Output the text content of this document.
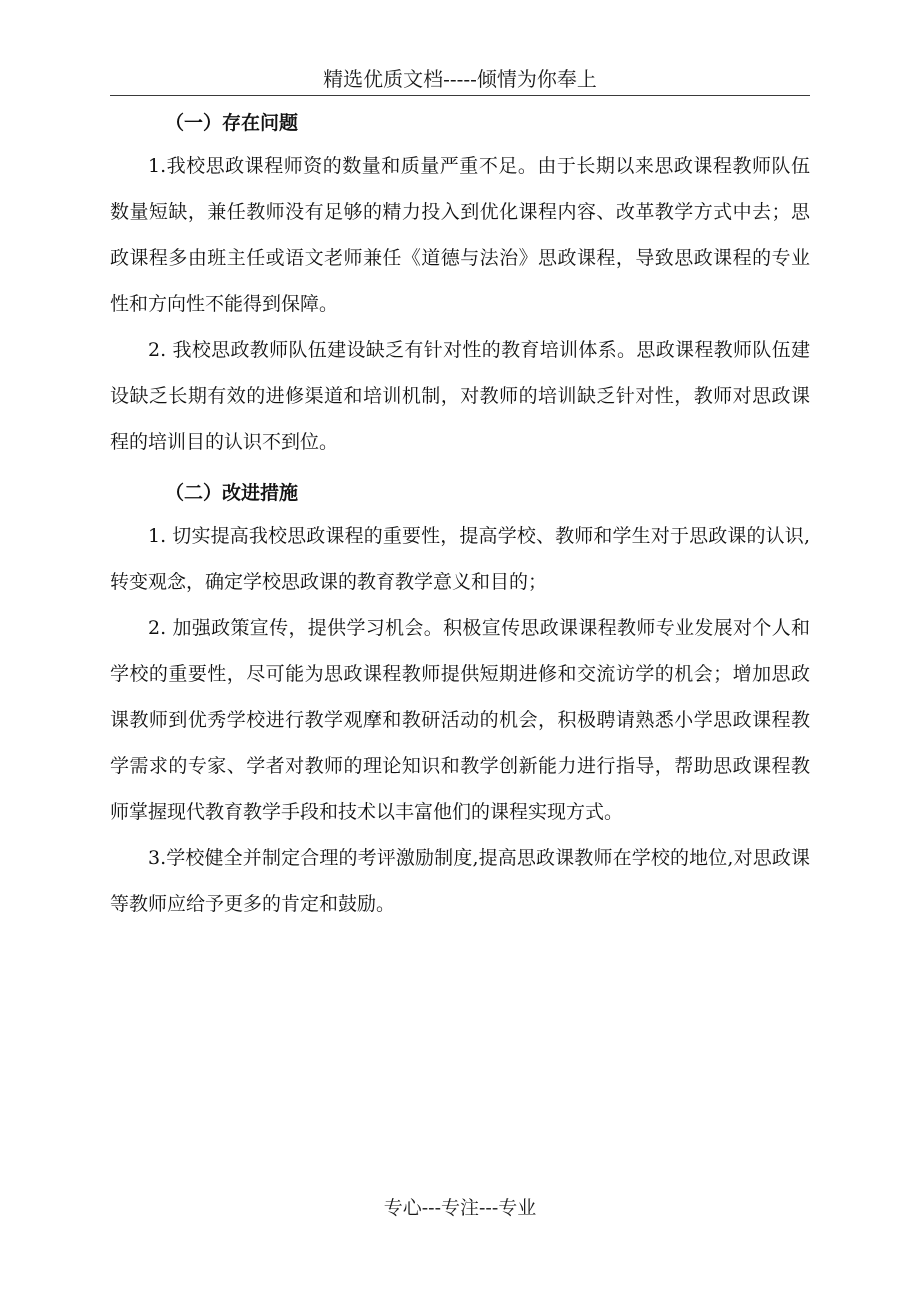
精选优质文档-----倾情为你奉上
（一）存在问题

1.我校思政课程师资的数量和质量严重不足。由于长期以来思政课程教师队伍数量短缺，兼任教师没有足够的精力投入到优化课程内容、改革教学方式中去；思政课程多由班主任或语文老师兼任《道德与法治》思政课程，导致思政课程的专业性和方向性不能得到保障。

2. 我校思政教师队伍建设缺乏有针对性的教育培训体系。思政课程教师队伍建设缺乏长期有效的进修渠道和培训机制，对教师的培训缺乏针对性，教师对思政课程的培训目的认识不到位。

（二）改进措施

1. 切实提高我校思政课程的重要性，提高学校、教师和学生对于思政课的认识,转变观念，确定学校思政课的教育教学意义和目的；

2. 加强政策宣传，提供学习机会。积极宣传思政课课程教师专业发展对个人和学校的重要性，尽可能为思政课程教师提供短期进修和交流访学的机会；增加思政课教师到优秀学校进行教学观摩和教研活动的机会，积极聘请熟悉小学思政课程教学需求的专家、学者对教师的理论知识和教学创新能力进行指导，帮助思政课程教师掌握现代教育教学手段和技术以丰富他们的课程实现方式。

3.学校健全并制定合理的考评激励制度,提高思政课教师在学校的地位,对思政课等教师应给予更多的肯定和鼓励。

专心---专注---专业
